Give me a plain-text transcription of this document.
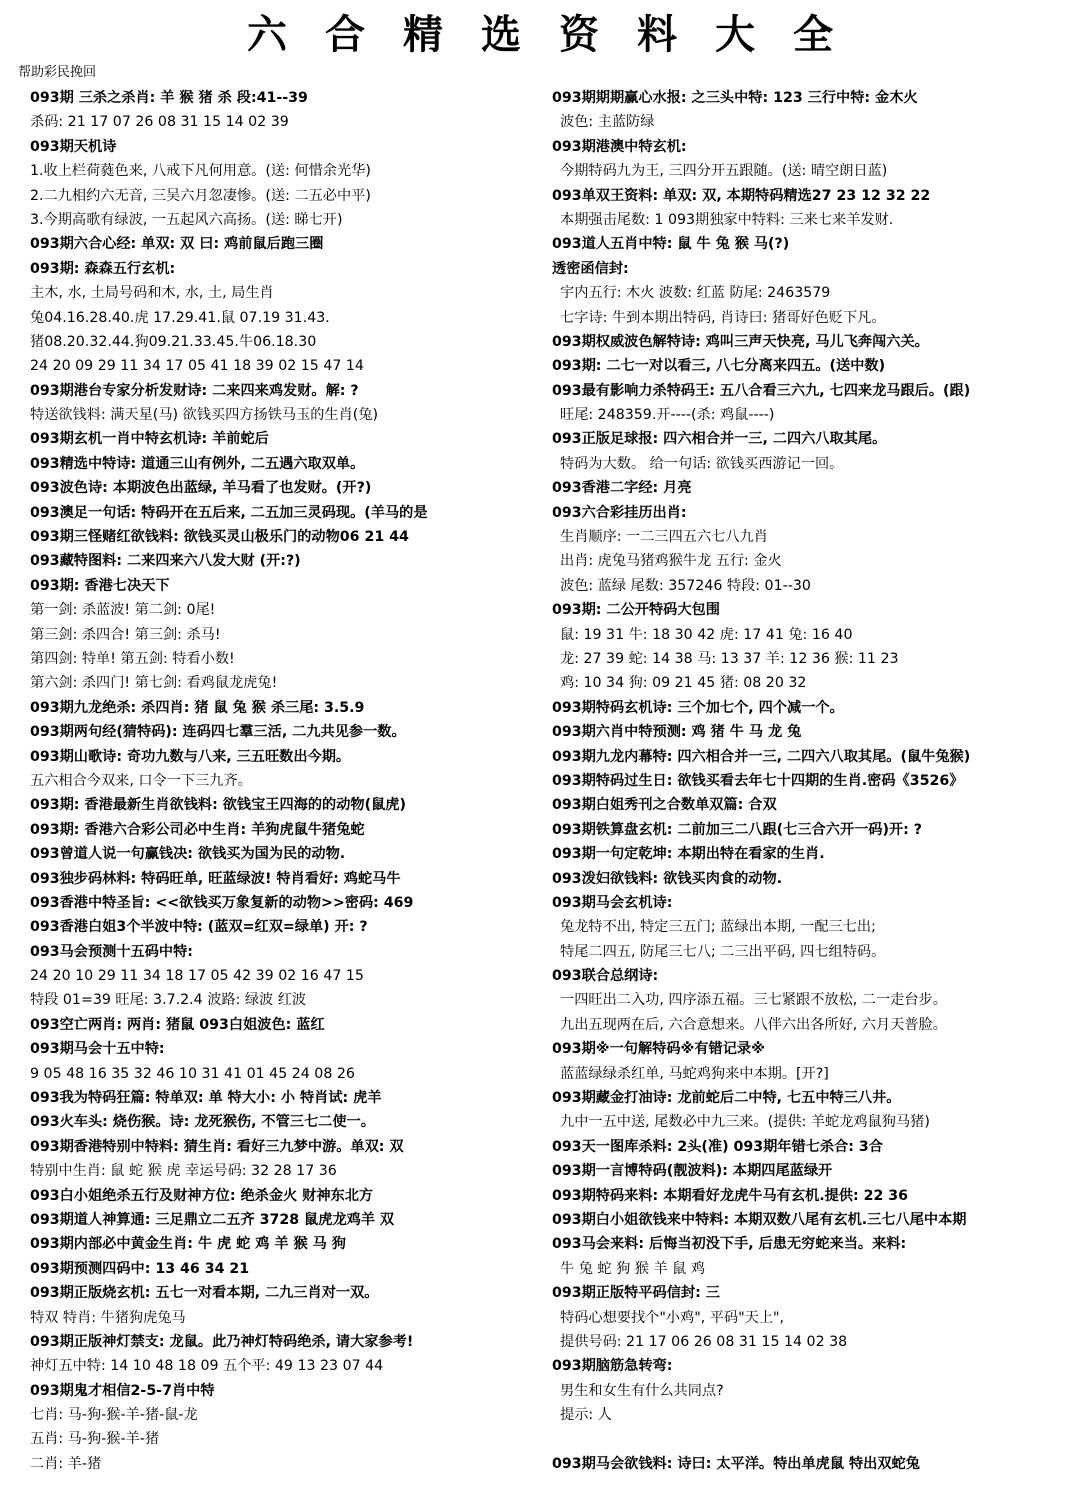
六合精选资料大全
帮助彩民挽回
093期 三杀之杀肖: 羊 猴 猪 杀 段:41--39
杀码: 21 17 07 26 08 31 15 14 02 39
093期天机诗
1.收上栏荷蕤色来, 八戒下凡何用意。(送: 何惜余光华)
2.二九相约六无音, 三吴六月忽凄惨。(送: 二五必中平)
3.今期高歌有绿波, 一五起风六高扬。(送: 睇七开)
093期六合心经: 单双: 双 曰: 鸡前鼠后跑三圈
093期: 森森五行玄机:
主木, 水, 土局号码和木, 水, 土, 局生肖
兔04.16.28.40.虎 17.29.41.鼠 07.19 31.43.
猪08.20.32.44.狗09.21.33.45.牛06.18.30
24 20 09 29 11 34 17 05 41 18 39 02 15 47 14
093期港台专家分析发财诗: 二来四来鸡发财。解: ?
特送欲钱料: 满天星(马) 欲钱买四方扬铁马玉的生肖(兔)
093期玄机一肖中特玄机诗: 羊前蛇后
093精选中特诗: 道通三山有例外, 二五遇六取双单。
093波色诗: 本期波色出蓝绿, 羊马看了也发财。(开?)
093澳足一句话: 特码开在五后来, 二五加三灵码现。(羊马的是
093期三怪赌红欲钱料: 欲钱买灵山极乐门的动物06 21 44
093藏特图料: 二来四来六八发大财 (开:?)
093期: 香港七决天下
第一剑: 杀蓝波! 第二剑: 0尾!
第三剑: 杀四合! 第三剑: 杀马!
第四剑: 特单! 第五剑: 特看小数!
第六剑: 杀四门! 第七剑: 看鸡鼠龙虎兔!
093期九龙绝杀: 杀四肖: 猪 鼠 兔 猴 杀三尾: 3.5.9
093期两句经(猜特码): 连码四七羣三活, 二九共见参一数。
093期山歌诗: 奇功九数与八来, 三五旺数出今期。
五六相合今双来, 口令一下三九齐。
093期: 香港最新生肖欲钱料: 欲钱宝王四海的的动物(鼠虎)
093期: 香港六合彩公司必中生肖: 羊狗虎鼠牛猪兔蛇
093曾道人说一句赢钱决: 欲钱买为国为民的动物.
093独步码林料: 特码旺单, 旺蓝绿波! 特肖看好: 鸡蛇马牛
093香港中特圣旨: <<欲钱买万象复新的动物>>密码: 469
093香港白姐3个半波中特: (蓝双=红双=绿单) 开: ?
093马会预测十五码中特:
24 20 10 29 11 34 18 17 05 42 39 02 16 47 15
特段 01=39 旺尾: 3.7.2.4 波路: 绿波 红波
093空亡两肖: 两肖: 猪鼠 093白姐波色: 蓝红
093期马会十五中特:
9 05 48 16 35 32 46 10 31 41 01 45 24 08 26
093我为特码狂篇: 特单双: 单 特大小: 小 特肖试: 虎羊
093火车头: 烧伤猴。诗: 龙死猴伤, 不管三七二使一。
093期香港特别中特料: 猜生肖: 看好三九梦中游。单双: 双
特别中生肖: 鼠 蛇 猴 虎 幸运号码: 32 28 17 36
093白小姐绝杀五行及财神方位: 绝杀金火 财神东北方
093期道人神算通: 三足鼎立二五齐 3728 鼠虎龙鸡羊 双
093期内部必中黄金生肖: 牛 虎 蛇 鸡 羊 猴 马 狗
093期预测四码中: 13 46 34 21
093期正版烧玄机: 五七一对看本期, 二九三肖对一双。
特双 特肖: 牛猪狗虎兔马
093期正版神灯禁支: 龙鼠。此乃神灯特码绝杀, 请大家参考!
神灯五中特: 14 10 48 18 09 五个平: 49 13 23 07 44
093期鬼才相信2-5-7肖中特
七肖: 马-狗-猴-羊-猪-鼠-龙
五肖: 马-狗-猴-羊-猪
二肖: 羊-猪
093期期期赢心水报: 之三头中特: 123 三行中特: 金木火
波色: 主蓝防绿
093期港澳中特玄机:
今期特码九为王, 三四分开五跟随。(送: 晴空朗日蓝)
093单双王资料: 单双: 双, 本期特码精选27 23 12 32 22
本期强击尾数: 1 093期独家中特料: 三来七来羊发财.
093道人五肖中特: 鼠 牛 兔 猴 马(?)
透密函信封:
宇内五行: 木火 波数: 红蓝 防尾: 2463579
七字诗: 牛到本期出特码, 肖诗曰: 猪哥好色贬下凡。
093期权威波色解特诗: 鸡叫三声天快亮, 马儿飞奔闯六关。
093期: 二七一对以看三, 八七分离来四五。(送中数)
093最有影响力杀特码王: 五八合看三六九, 七四来龙马跟后。(跟)
旺尾: 248359.开----(杀: 鸡鼠----)
093正版足球报: 四六相合并一三, 二四六八取其尾。
特码为大数。 给一句话: 欲钱买西游记一回。
093香港二字经: 月亮
093六合彩挂历出肖:
生肖顺序: 一二三四五六七八九肖
出肖: 虎兔马猪鸡猴牛龙 五行: 金火
波色: 蓝绿 尾数: 357246 特段: 01--30
093期: 二公开特码大包围
鼠: 19 31 牛: 18 30 42 虎: 17 41 兔: 16 40
龙: 27 39 蛇: 14 38 马: 13 37 羊: 12 36 猴: 11 23
鸡: 10 34 狗: 09 21 45 猪: 08 20 32
093期特码玄机诗: 三个加七个, 四个减一个。
093期六肖中特预测: 鸡 猪 牛 马 龙 兔
093期九龙内幕特: 四六相合并一三, 二四六八取其尾。(鼠牛兔猴)
093期特码过生日: 欲钱买看去年七十四期的生肖.密码《3526》
093期白姐秀刊之合数单双篇: 合双
093期铁算盘玄机: 二前加三二八跟(七三合六开一码)开: ?
093期一句定乾坤: 本期出特在看家的生肖.
093泼妇欲钱料: 欲钱买肉食的动物.
093期马会玄机诗:
兔龙特不出, 特定三五门; 蓝绿出本期, 一配三七出;
特尾二四五, 防尾三七八; 二三出平码, 四七组特码。
093联合总纲诗:
一四旺出二入功, 四序添五福。三七紧跟不放松, 二一走台步。
九出五现两在后, 六合意想来。八伴六出各所好, 六月天普脸。
093期※一句解特码※有错记录※
蓝蓝绿绿杀红单, 马蛇鸡狗来中本期。[开?]
093期藏金打油诗: 龙前蛇后二中特, 七五中特三八井。
九中一五中送, 尾数必中九三来。(提供: 羊蛇龙鸡鼠狗马猪)
093天一图库杀料: 2头(准) 093期年错七杀合: 3合
093期一言博特码(靓波料): 本期四尾蓝绿开
093期特码来料: 本期看好龙虎牛马有玄机.提供: 22 36
093期白小姐欲钱来中特料: 本期双数八尾有玄机.三七八尾中本期
093马会来料: 后悔当初没下手, 后患无穷蛇来当。来料:
牛 兔 蛇 狗 猴 羊 鼠 鸡
093期正版特平码信封: 三
特码心想要找个"小鸡", 平码"天上",
提供号码: 21 17 06 26 08 31 15 14 02 38
093期脑筋急转弯:
男生和女生有什么共同点?
提示: 人
093期马会欲钱料: 诗曰: 太平洋。特出单虎鼠 特出双蛇兔
